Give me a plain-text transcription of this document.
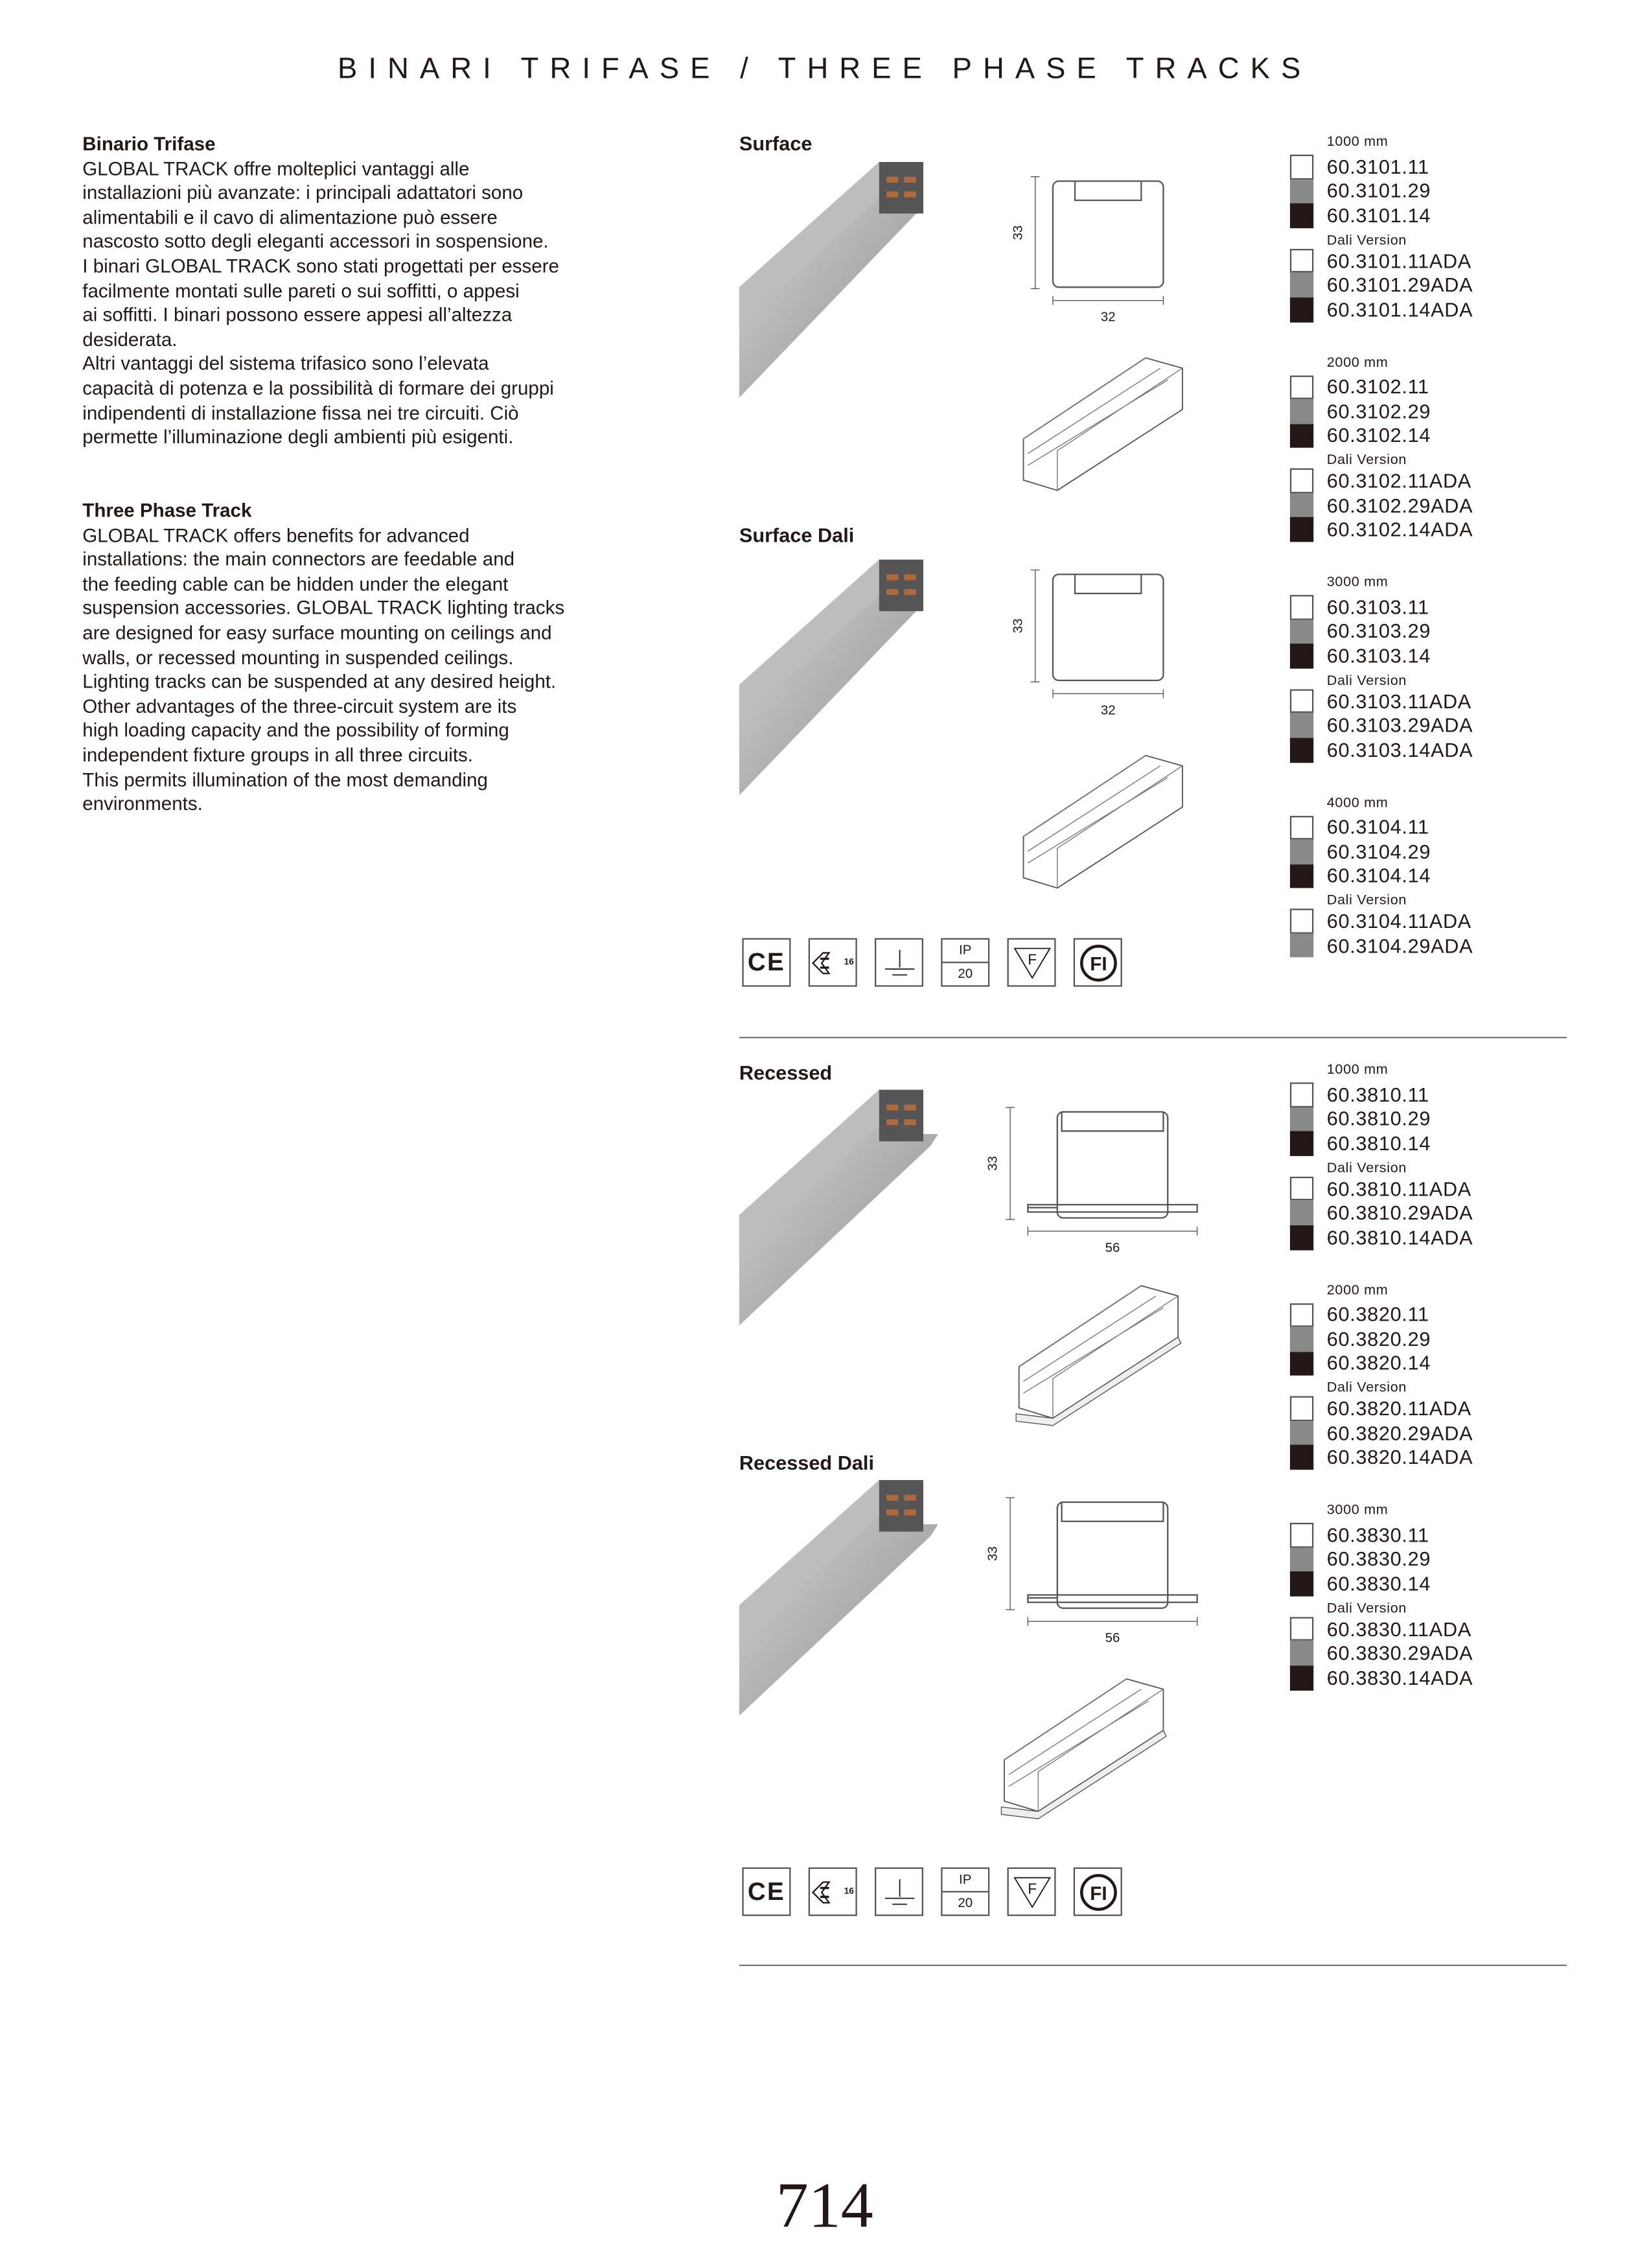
BINARI TRIFASE / THREE PHASE TRACKS
Binario Trifase
GLOBAL TRACK offre molteplici vantaggi alle
installazioni più avanzate: i principali adattatori sono
alimentabili e il cavo di alimentazione può essere
nascosto sotto degli eleganti accessori in sospensione.
I binari GLOBAL TRACK sono stati progettati per essere
facilmente montati sulle pareti o sui soffitti, o appesi
ai soffitti. I binari possono essere appesi all’altezza
desiderata.
Altri vantaggi del sistema trifasico sono l’elevata
capacità di potenza e la possibilità di formare dei gruppi
indipendenti di installazione fissa nei tre circuiti. Ciò
permette l’illuminazione degli ambienti più esigenti.
Three Phase Track
GLOBAL TRACK offers benefits for advanced
installations: the main connectors are feedable and
the feeding cable can be hidden under the elegant
suspension accessories. GLOBAL TRACK lighting tracks
are designed for easy surface mounting on ceilings and
walls, or recessed mounting in suspended ceilings.
Lighting tracks can be suspended at any desired height.
Other advantages of the three-circuit system are its
high loading capacity and the possibility of forming
independent fixture groups in all three circuits.
This permits illumination of the most demanding
environments.
Surface
Surface Dali
Recessed
Recessed Dali
33
32
33
32
33
56
33
56
CE	16
IP
20
F	FI
CE	16
IP
20
F	FI
1000 mm
60.3101.11
60.3101.29
60.3101.14
Dali Version
60.3101.11ADA
60.3101.29ADA
60.3101.14ADA
2000 mm
60.3102.11
60.3102.29
60.3102.14
Dali Version
60.3102.11ADA
60.3102.29ADA
60.3102.14ADA
3000 mm
60.3103.11
60.3103.29
60.3103.14
Dali Version
60.3103.11ADA
60.3103.29ADA
60.3103.14ADA
4000 mm
60.3104.11
60.3104.29
60.3104.14
Dali Version
60.3104.11ADA
60.3104.29ADA
1000 mm
60.3810.11
60.3810.29
60.3810.14
Dali Version
60.3810.11ADA
60.3810.29ADA
60.3810.14ADA
2000 mm
60.3820.11
60.3820.29
60.3820.14
Dali Version
60.3820.11ADA
60.3820.29ADA
60.3820.14ADA
3000 mm
60.3830.11
60.3830.29
60.3830.14
Dali Version
60.3830.11ADA
60.3830.29ADA
60.3830.14ADA
714
